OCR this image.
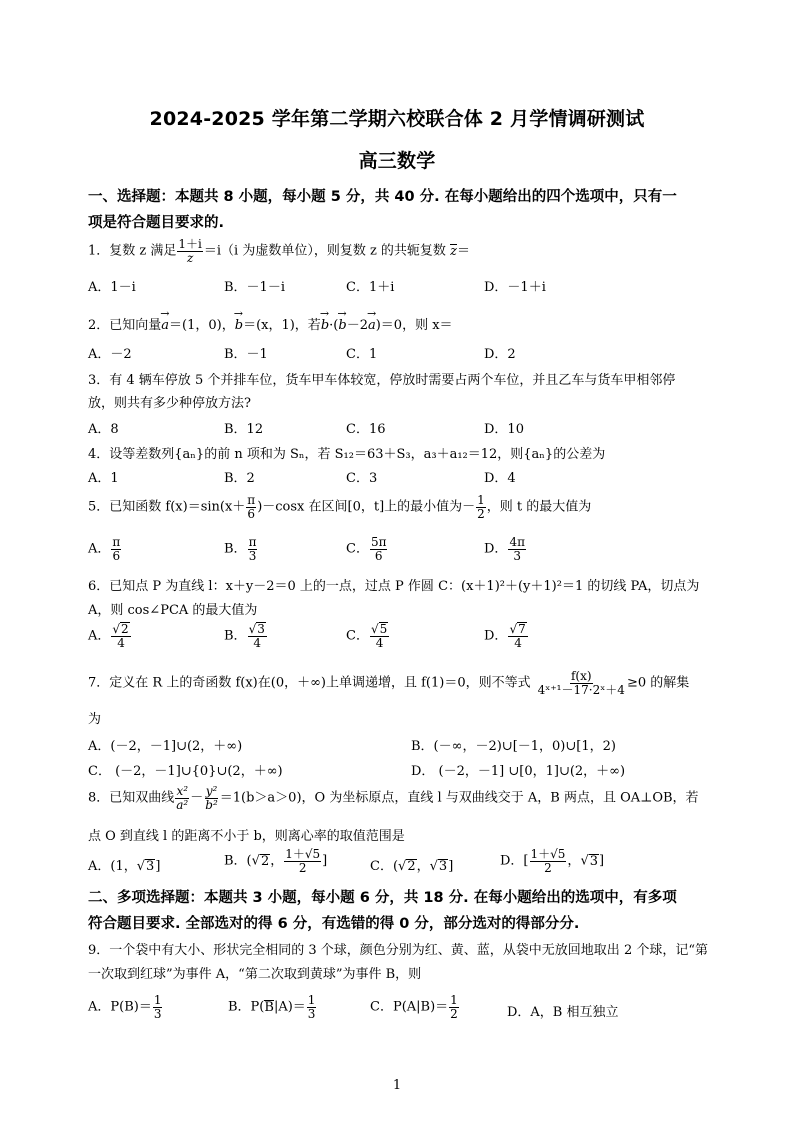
2024-2025 学年第二学期六校联合体 2 月学情调研测试
高三数学
一、选择题：本题共 8 小题，每小题 5 分，共 40 分. 在每小题给出的四个选项中，只有一
项是符合题目要求的.
1．复数 z 满足 $\frac{1+i}{z} =i(i$ 为虚数单位），则复数 z 的共轭复数 z＝
A．1－i	B．－1－i	C．1＋i	D．－1＋i
2．已知向量→ a＝(1，0)，→ b＝(x，1)，若→ b·(→ b－2→ a)＝0，则 x＝
A．－2	B．－1	C．1	D．2
3．有 4 辆车停放 5 个并排车位，货车甲车体较宽，停放时需要占两个车位，并且乙车与货车甲相邻停
放，则共有多少种停放方法?
A．8	B．12	C．16	D．10
4．设等差数列{aₙ}的前 n 项和为 Sₙ，若 S₁₂＝63＋S₃，a₃＋a₁₂＝12，则{aₙ}的公差为
A．1	B．2	C．3	D．4
5．已知函数 $f(x)=\sin(x+ \frac{\pi}{6} )-\cos x$ 在区间[0，t]上的最小值为－ $\frac{1}{2}$ ，则 t 的最大值为
A． $\frac{\pi}{6}$	B． $\frac{\pi}{3}$	C． $\frac{5\pi}{6}$	D． $\frac{4\pi}{3}$
6．已知点 P 为直线 l：x＋y－2＝0 上的一点，过点 P 作圆 C：(x＋1)²＋(y＋1)²＝1 的切线 PA，切点为
A，则 cos∠PCA 的最大值为
A． $\frac{√2}{4}$	B． $\frac{√3}{4}$	C． $\frac{√5}{4}$	D． $\frac{√7}{4}$
7．定义在 R 上的奇函数 f(x)在(0，＋∞)上单调递增，且 f(1)＝0，则不等式 $\frac{f(x)}{\text{4ˣ⁺¹－17·2ˣ＋4}} \ge 0$ 的解集
为
A．(－2，－1]∪(2，＋∞)	B．(－∞，－2)∪[－1，0)∪[1，2)
C． (－2，－1]∪{0}∪(2，＋∞)	D． (－2，－1] ∪[0，1]∪(2，＋∞)
8．已知双曲线 $\frac{\text{x²}}{\text{a²}} - \frac{\text{y²}}{\text{b²}} =1(b>a>0)$，O 为坐标原点，直线 l 与双曲线交于 A，B 两点，且 OA⊥OB，若
点 O 到直线 l 的距离不小于 b，则离心率的取值范围是
A．(1，√3]	B．(√2， $\frac{1+√5}{2}$ ]	C．(√2，√3]	D．[ $\frac{1+√5}{2}$ ，√3]
二、多项选择题：本题共 3 小题，每小题 6 分，共 18 分. 在每小题给出的选项中，有多项
符合题目要求. 全部选对的得 6 分，有选错的得 0 分，部分选对的得部分分.
9．一个袋中有大小、形状完全相同的 3 个球，颜色分别为红、黄、蓝，从袋中无放回地取出 2 个球，记“第
一次取到红球”为事件 A，“第二次取到黄球”为事件 B，则
A．$P(B)= \frac{1}{3}$	B．$P(B|A)= \frac{1}{3}$	C．$P(A|B)= \frac{1}{2}$	D．A，B 相互独立
1
